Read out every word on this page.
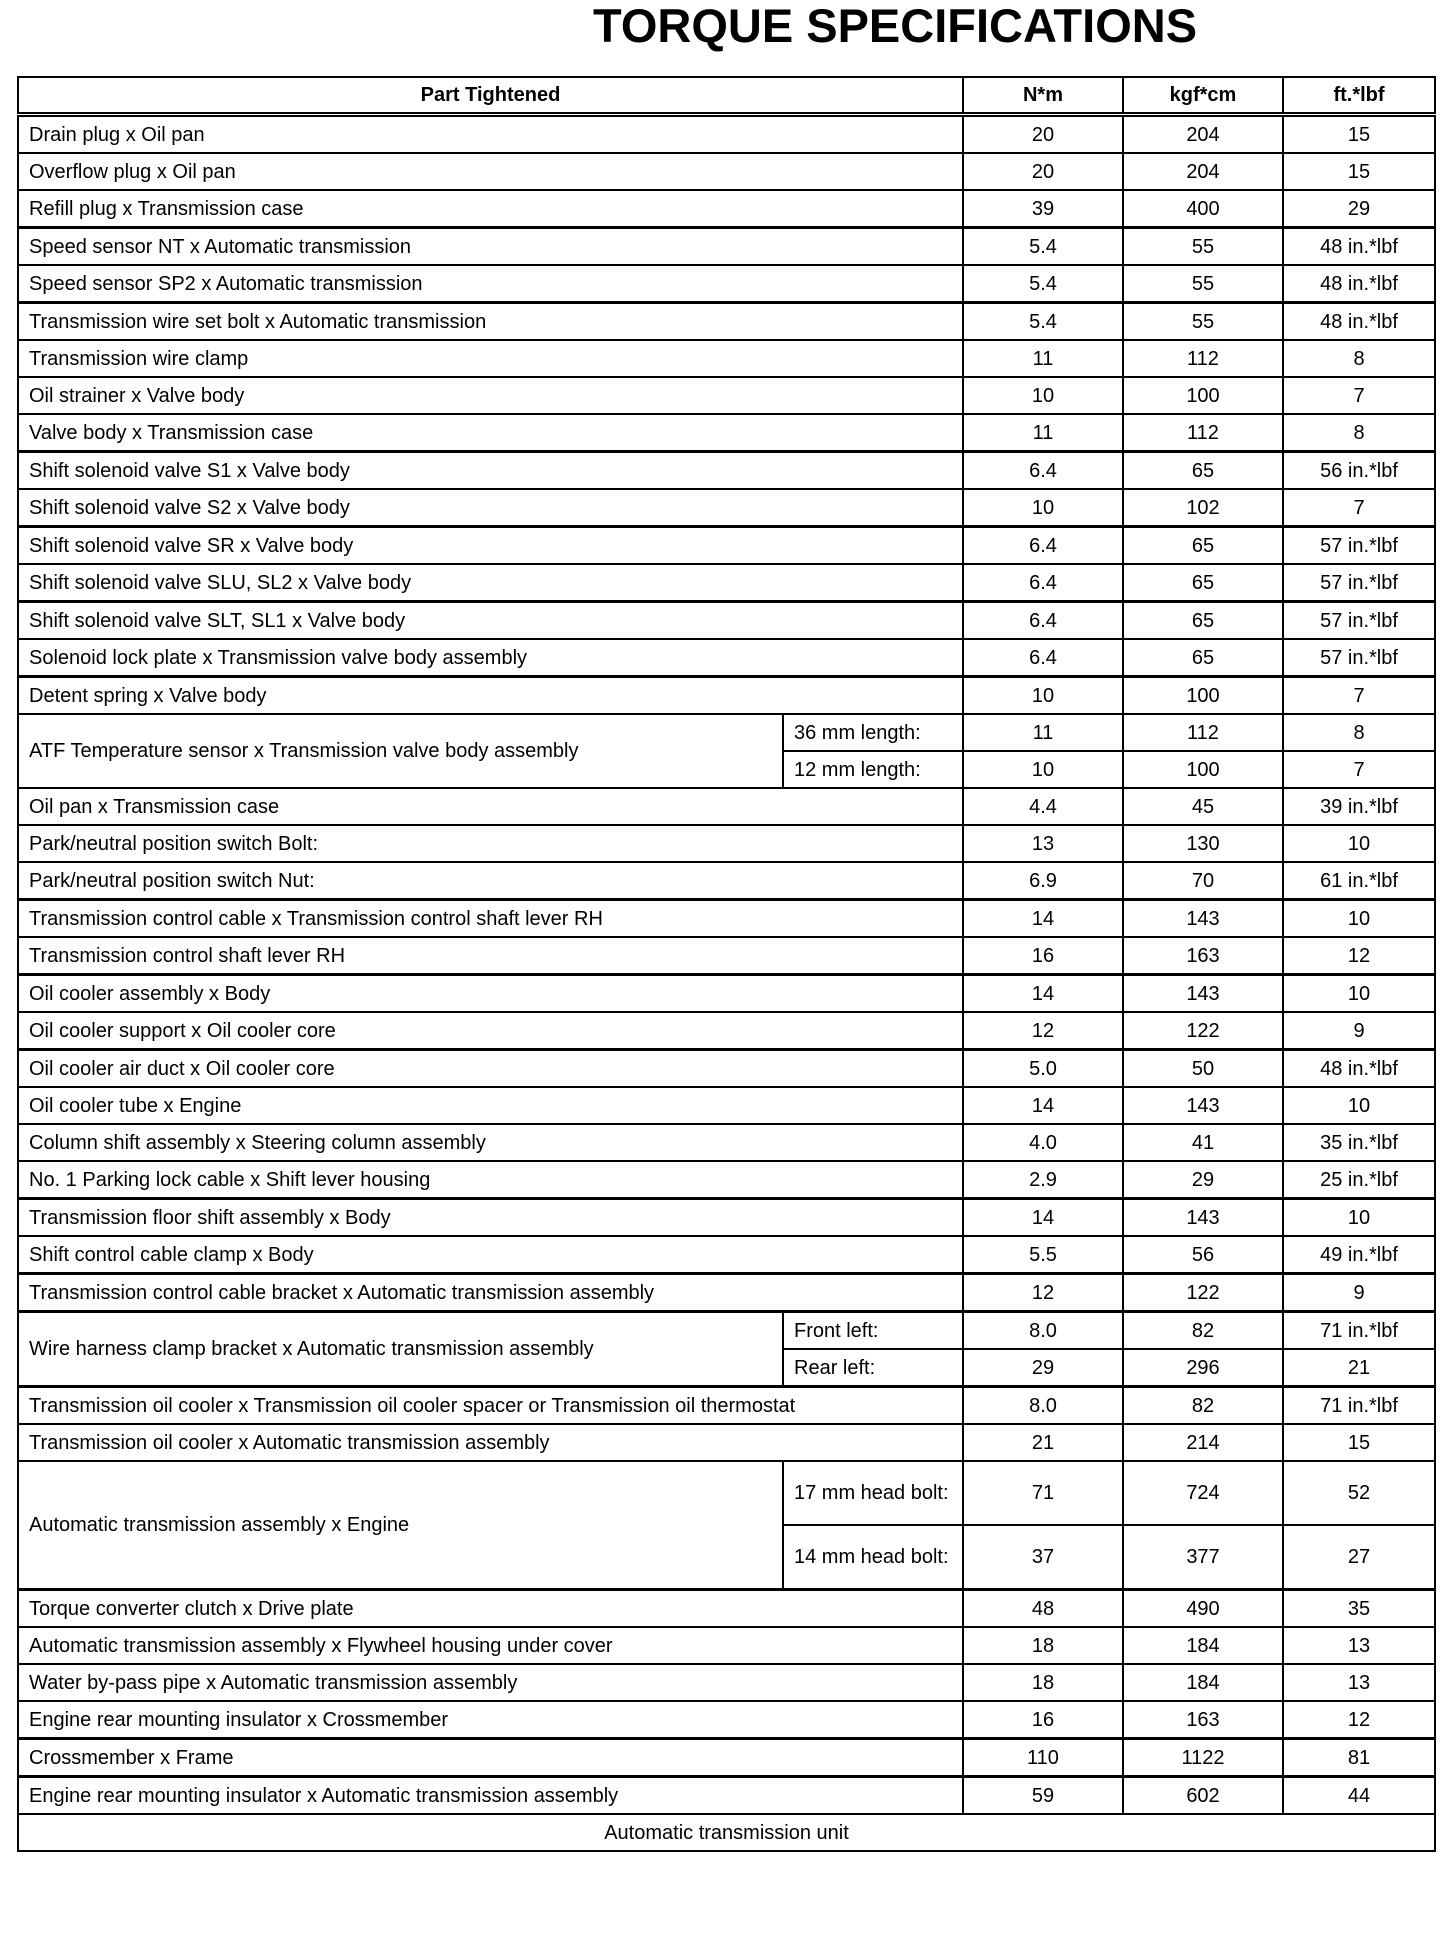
TORQUE SPECIFICATIONS
Part Tightened		N*m	kgf*cm	ft.*lbf
Drain plug x Oil pan		20	204	15
Overflow plug x Oil pan		20	204	15
Refill plug x Transmission case		39	400	29
Speed sensor NT x Automatic transmission		5.4	55	48 in.*lbf
Speed sensor SP2 x Automatic transmission		5.4	55	48 in.*lbf
Transmission wire set bolt x Automatic transmission		5.4	55	48 in.*lbf
Transmission wire clamp		11	112	8
Oil strainer x Valve body		10	100	7
Valve body x Transmission case		11	112	8
Shift solenoid valve S1 x Valve body		6.4	65	56 in.*lbf
Shift solenoid valve S2 x Valve body		10	102	7
Shift solenoid valve SR x Valve body		6.4	65	57 in.*lbf
Shift solenoid valve SLU, SL2 x Valve body		6.4	65	57 in.*lbf
Shift solenoid valve SLT, SL1 x Valve body		6.4	65	57 in.*lbf
Solenoid lock plate x Transmission valve body assembly		6.4	65	57 in.*lbf
Detent spring x Valve body		10	100	7
ATF Temperature sensor x Transmission valve body assembly	36 mm length:	11	112	8
	12 mm length:	10	100	7
Oil pan x Transmission case		4.4	45	39 in.*lbf
Park/neutral position switch Bolt:		13	130	10
Park/neutral position switch Nut:		6.9	70	61 in.*lbf
Transmission control cable x Transmission control shaft lever RH		14	143	10
Transmission control shaft lever RH		16	163	12
Oil cooler assembly x Body		14	143	10
Oil cooler support x Oil cooler core		12	122	9
Oil cooler air duct x Oil cooler core		5.0	50	48 in.*lbf
Oil cooler tube x Engine		14	143	10
Column shift assembly x Steering column assembly		4.0	41	35 in.*lbf
No. 1 Parking lock cable x Shift lever housing		2.9	29	25 in.*lbf
Transmission floor shift assembly x Body		14	143	10
Shift control cable clamp x Body		5.5	56	49 in.*lbf
Transmission control cable bracket x Automatic transmission assembly		12	122	9
Wire harness clamp bracket x Automatic transmission assembly	Front left:	8.0	82	71 in.*lbf
	Rear left:	29	296	21
Transmission oil cooler x Transmission oil cooler spacer or Transmission oil thermostat		8.0	82	71 in.*lbf
Transmission oil cooler x Automatic transmission assembly		21	214	15
Automatic transmission assembly x Engine	17 mm head bolt:	71	724	52
	14 mm head bolt:	37	377	27
Torque converter clutch x Drive plate		48	490	35
Automatic transmission assembly x Flywheel housing under cover		18	184	13
Water by-pass pipe x Automatic transmission assembly		18	184	13
Engine rear mounting insulator x Crossmember		16	163	12
Crossmember x Frame		110	1122	81
Engine rear mounting insulator x Automatic transmission assembly		59	602	44
Automatic transmission unit				
